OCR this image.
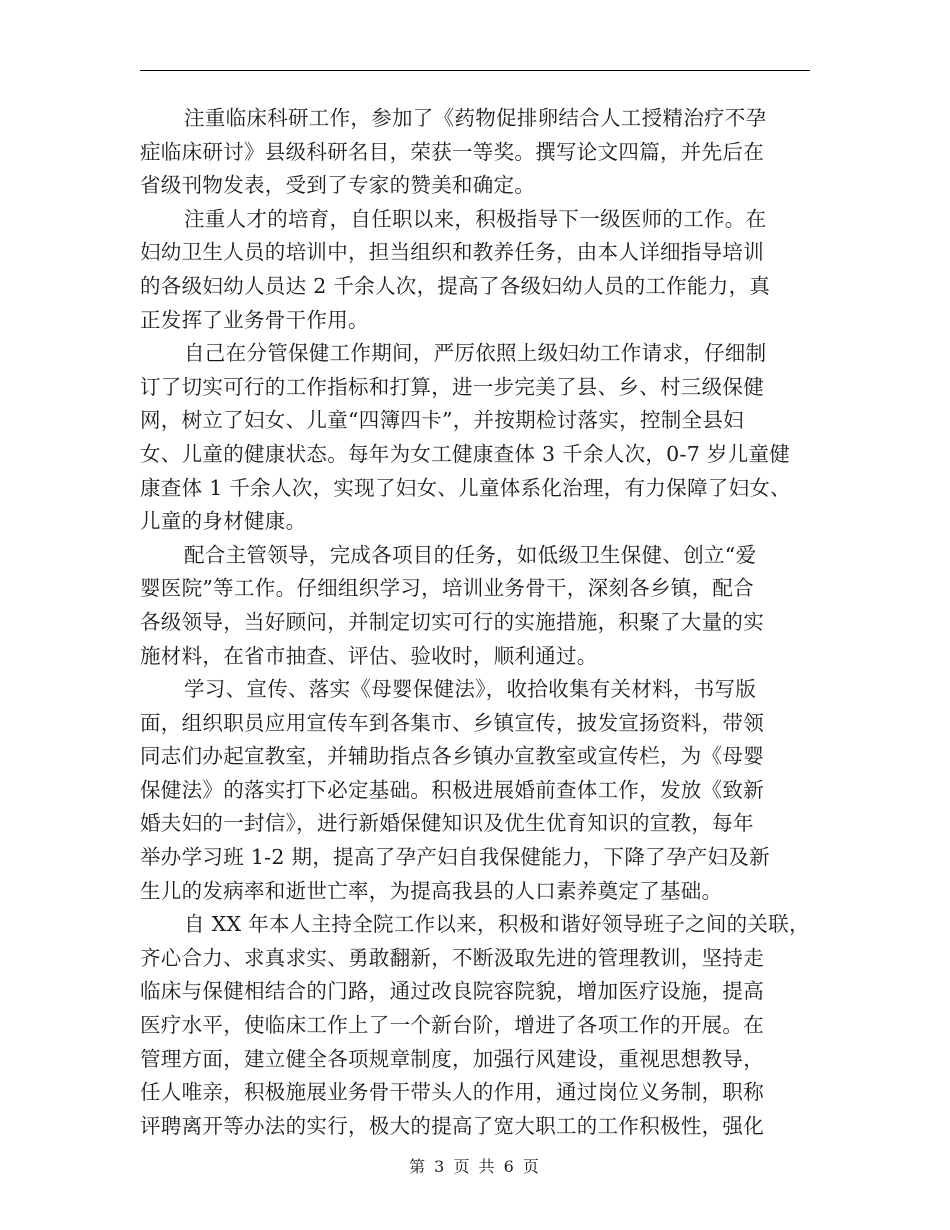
注重临床科研工作，参加了《药物促排卵结合人工授精治疗不孕
症临床研讨》县级科研名目，荣获一等奖。撰写论文四篇，并先后在
省级刊物发表，受到了专家的赞美和确定。
注重人才的培育，自任职以来，积极指导下一级医师的工作。在
妇幼卫生人员的培训中，担当组织和教养任务，由本人详细指导培训
的各级妇幼人员达 2 千余人次，提高了各级妇幼人员的工作能力，真
正发挥了业务骨干作用。
自己在分管保健工作期间，严厉依照上级妇幼工作请求，仔细制
订了切实可行的工作指标和打算，进一步完美了县、乡、村三级保健
网，树立了妇女、儿童“四簿四卡”，并按期检讨落实，控制全县妇
女、儿童的健康状态。每年为女工健康查体 3 千余人次，0-7 岁儿童健
康查体 1 千余人次，实现了妇女、儿童体系化治理，有力保障了妇女、
儿童的身材健康。
配合主管领导，完成各项目的任务，如低级卫生保健、创立“爱
婴医院”等工作。仔细组织学习，培训业务骨干，深刻各乡镇，配合
各级领导，当好顾问，并制定切实可行的实施措施，积聚了大量的实
施材料，在省市抽查、评估、验收时，顺利通过。
学习、宣传、落实《母婴保健法》，收拾收集有关材料，书写版
面，组织职员应用宣传车到各集市、乡镇宣传，披发宣扬资料，带领
同志们办起宣教室，并辅助指点各乡镇办宣教室或宣传栏，为《母婴
保健法》的落实打下必定基础。积极进展婚前查体工作，发放《致新
婚夫妇的一封信》，进行新婚保健知识及优生优育知识的宣教，每年
举办学习班 1-2 期，提高了孕产妇自我保健能力，下降了孕产妇及新
生儿的发病率和逝世亡率，为提高我县的人口素养奠定了基础。
自 XX 年本人主持全院工作以来，积极和谐好领导班子之间的关联，
齐心合力、求真求实、勇敢翻新，不断汲取先进的管理教训，坚持走
临床与保健相结合的门路，通过改良院容院貌，增加医疗设施，提高
医疗水平，使临床工作上了一个新台阶，增进了各项工作的开展。在
管理方面，建立健全各项规章制度，加强行风建设，重视思想教导，
任人唯亲，积极施展业务骨干带头人的作用，通过岗位义务制，职称
评聘离开等办法的实行，极大的提高了宽大职工的工作积极性，强化
第 3 页 共 6 页
